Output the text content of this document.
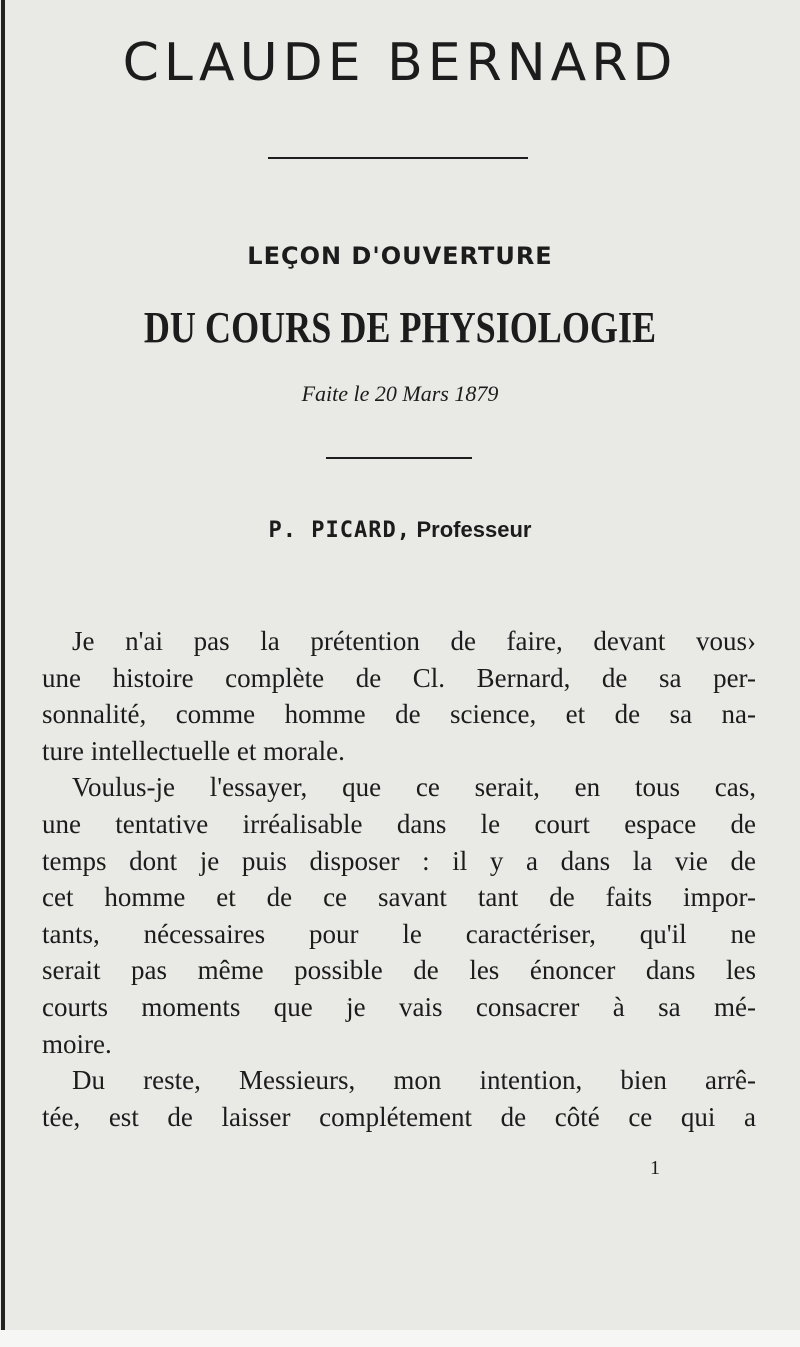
CLAUDE BERNARD
LEÇON D'OUVERTURE
DU COURS DE PHYSIOLOGIE

Faite le 20 Mars 1879

P. PICARD, Professeur

Je n'ai pas la prétention de faire, devant vous›
une histoire complète de Cl. Bernard, de sa per-
sonnalité, comme homme de science, et de sa na-
ture intellectuelle et morale.
Voulus-je l'essayer, que ce serait, en tous cas,
une tentative irréalisable dans le court espace de
temps dont je puis disposer : il y a dans la vie de
cet homme et de ce savant tant de faits impor-
tants, nécessaires pour le caractériser, qu'il ne
serait pas même possible de les énoncer dans les
courts moments que je vais consacrer à sa mé-
moire.
Du reste, Messieurs, mon intention, bien arrê-
tée, est de laisser complétement de côté ce qui a
1
